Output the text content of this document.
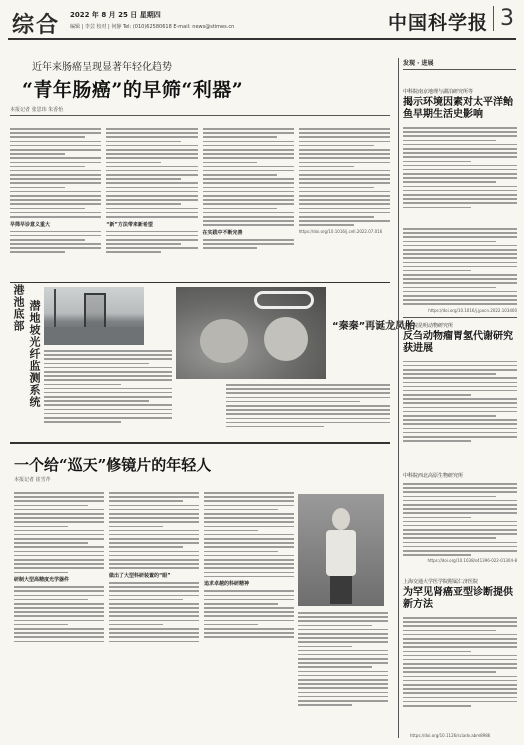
综合 2022 年 8 月 25 日 星期四
编辑 | 李芸 校对 | 何静 Tel: (010)62580618 E-mail: news@stimes.cn	中国科学报 3
近年来肠癌呈现显著年轻化趋势
“青年肠癌”的早筛“利器”
本报记者 张思玮 朱香怡
早筛早诊意义重大	“新”方法带来新希望
在实践中不断完善	https://doi.org/10.1016/j.cell.2022.07.016
港池底部 潜地坡光纤监测系统	“秦秦”再诞龙凤胎
一个给“巡天”修镜片的年轻人
本报记者 崔雪芹
研制大型高精度光学器件
做出了大型科研装置的“眼”
追求卓越的科研精神
发现 · 进展
中科院南京地理与湖泊研究所等
揭示环境因素对太平洋鲐鱼早期生活史影响
https://doi.org/10.1016/j.jpocn.2022.103400
中科院昆明动物研究所
反刍动物瘤胃氢代谢研究获进展
中科院西北高原生物研究所
https://doi.org/10.1038/s41396-022-01304-8
上海交通大学医学院附属仁济医院
为罕见肾癌亚型诊断提供新方法
https://doi.org/10.1126/sciadv.abm8986
